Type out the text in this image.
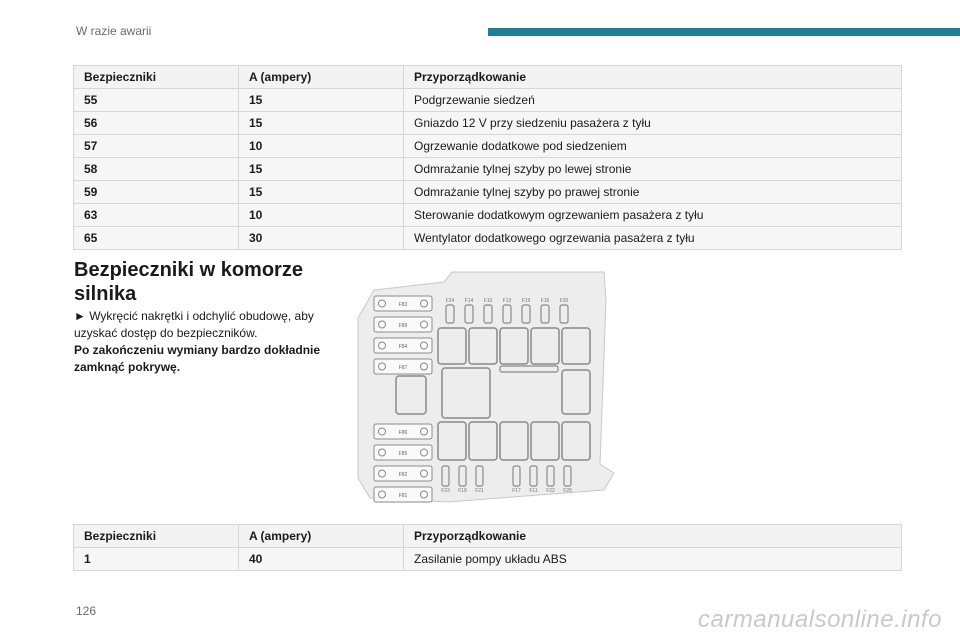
W razie awarii
Bezpieczniki	A (ampery)	Przyporządkowanie
55	15	Podgrzewanie siedzeń
56	15	Gniazdo 12 V przy siedzeniu pasażera z tyłu
57	10	Ogrzewanie dodatkowe pod siedzeniem
58	15	Odmrażanie tylnej szyby po lewej stronie
59	15	Odmrażanie tylnej szyby po prawej stronie
63	10	Sterowanie dodatkowym ogrzewaniem pasażera z tyłu
65	30	Wentylator dodatkowego ogrzewania pasażera z tyłu
Bezpieczniki w komorze silnika
► Wykręcić nakrętki i odchylić obudowę, aby uzyskać dostęp do bezpieczników.
Po zakończeniu wymiany bardzo dokładnie zamknąć pokrywę.
F83
F89
F84
F87
F86
F85
F82
F81
F24 F14 F10 F13 F19 F16 F30
F23 F18 F21	F17 F11 F22 F28
Bezpieczniki	A (ampery)	Przyporządkowanie
1	40	Zasilanie pompy układu ABS
126	carmanualsonline.info
